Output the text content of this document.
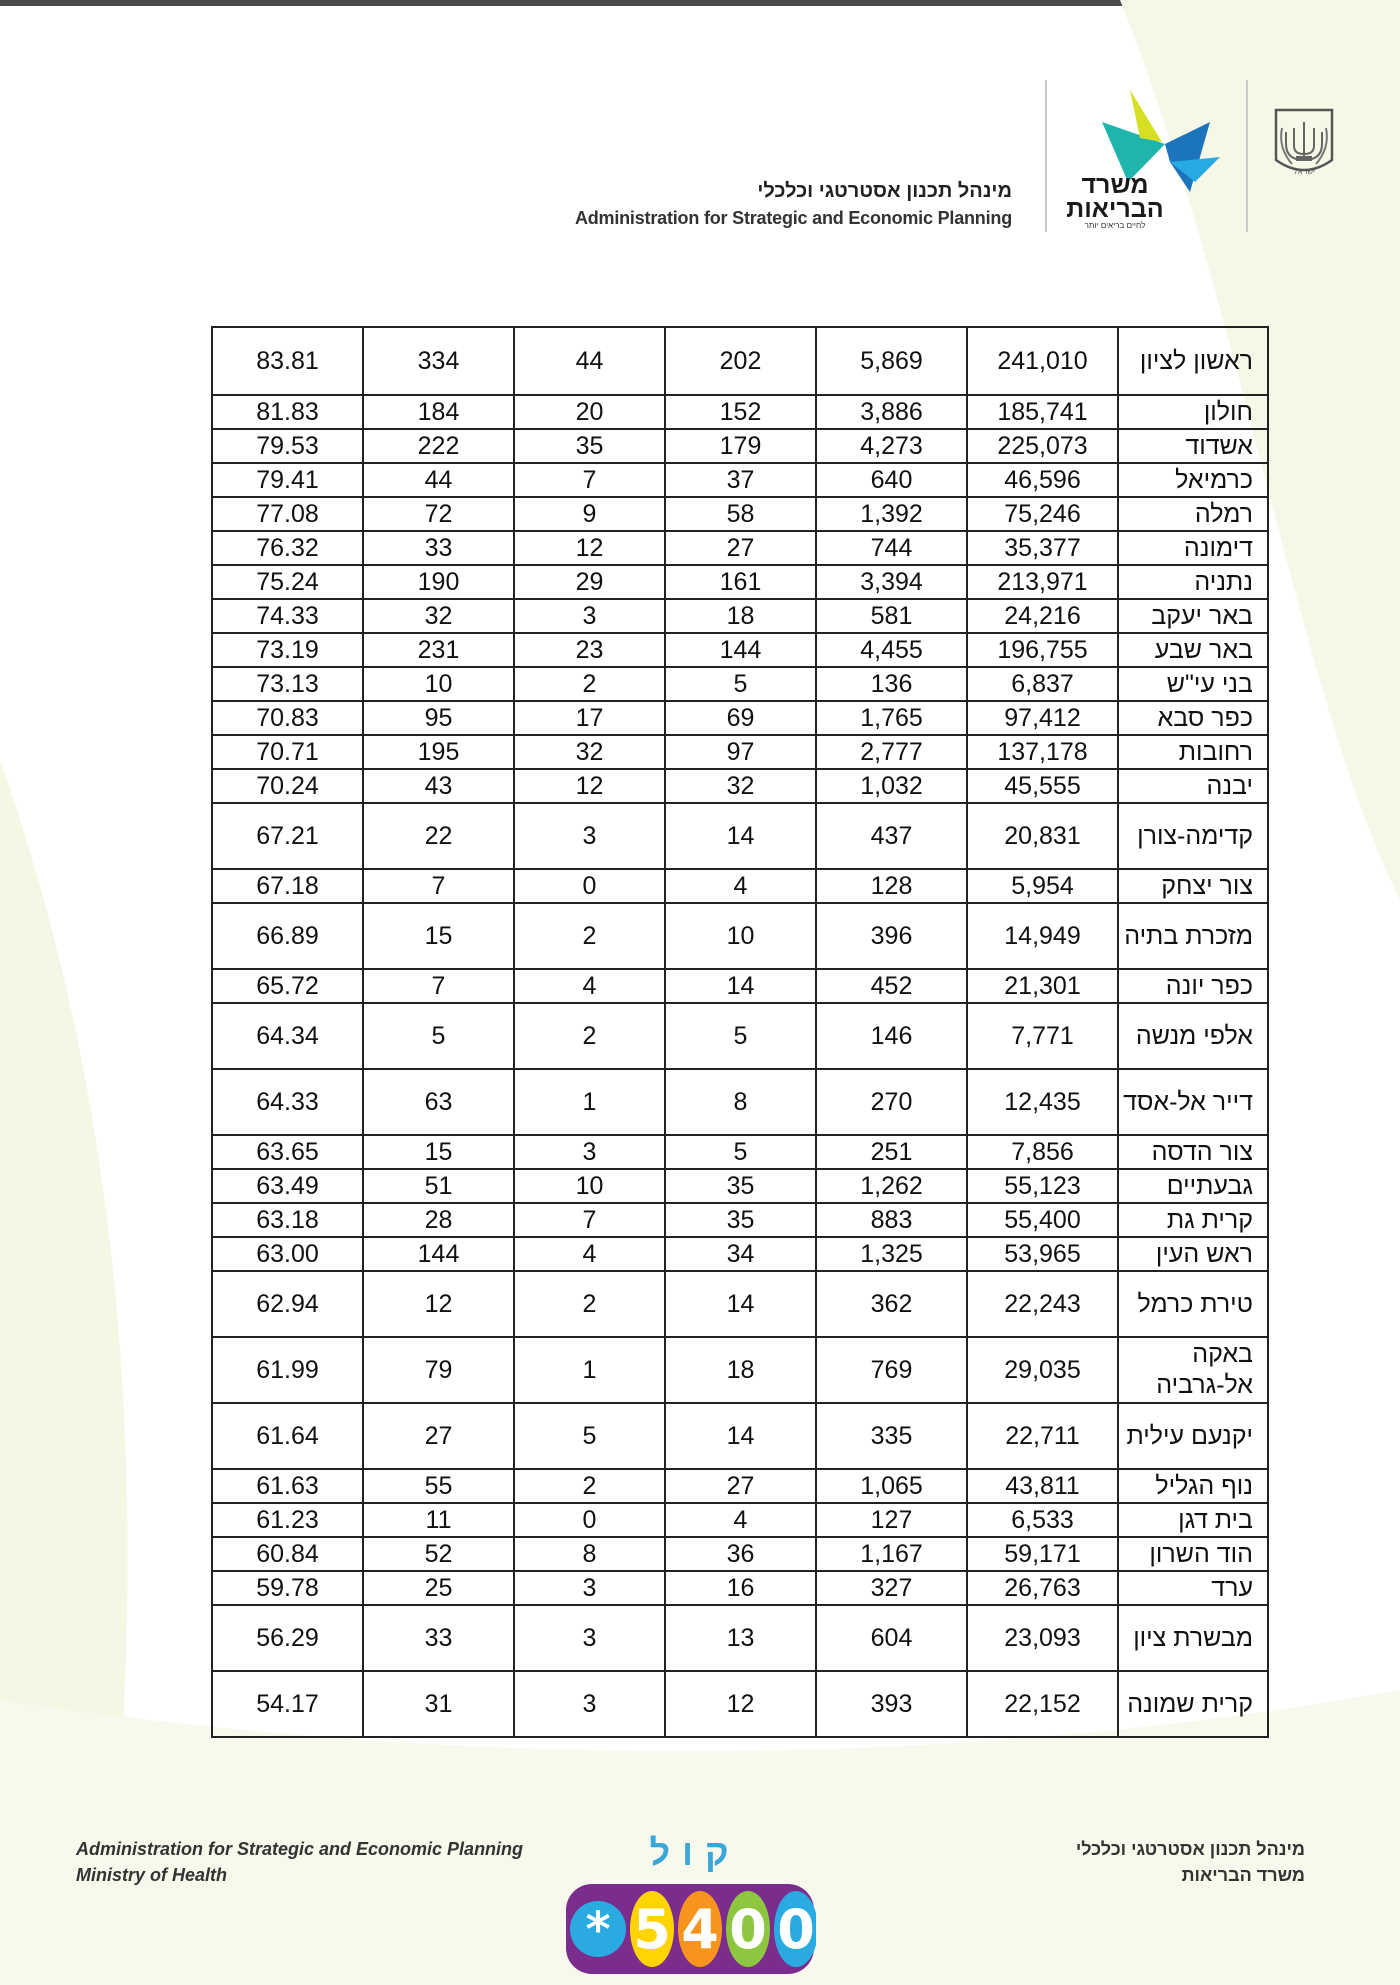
מינהל תכנון אסטרטגי וכלכלי
Administration for Strategic and Economic Planning
משרד
הבריאות
לחיים בריאים יותר
ישראל
ראשון לציון	241,010	5,869	202	44	334	83.81
חולון	185,741	3,886	152	20	184	81.83
אשדוד	225,073	4,273	179	35	222	79.53
כרמיאל	46,596	640	37	7	44	79.41
רמלה	75,246	1,392	58	9	72	77.08
דימונה	35,377	744	27	12	33	76.32
נתניה	213,971	3,394	161	29	190	75.24
באר יעקב	24,216	581	18	3	32	74.33
באר שבע	196,755	4,455	144	23	231	73.19
בני עי"ש	6,837	136	5	2	10	73.13
כפר סבא	97,412	1,765	69	17	95	70.83
רחובות	137,178	2,777	97	32	195	70.71
יבנה	45,555	1,032	32	12	43	70.24
קדימה-צורן	20,831	437	14	3	22	67.21
צור יצחק	5,954	128	4	0	7	67.18
מזכרת בתיה	14,949	396	10	2	15	66.89
כפר יונה	21,301	452	14	4	7	65.72
אלפי מנשה	7,771	146	5	2	5	64.34
דייר אל-אסד	12,435	270	8	1	63	64.33
צור הדסה	7,856	251	5	3	15	63.65
גבעתיים	55,123	1,262	35	10	51	63.49
קרית גת	55,400	883	35	7	28	63.18
ראש העין	53,965	1,325	34	4	144	63.00
טירת כרמל	22,243	362	14	2	12	62.94
באקה אל-גרביה	29,035	769	18	1	79	61.99
יקנעם עילית	22,711	335	14	5	27	61.64
נוף הגליל	43,811	1,065	27	2	55	61.63
בית דגן	6,533	127	4	0	11	61.23
הוד השרון	59,171	1,167	36	8	52	60.84
ערד	26,763	327	16	3	25	59.78
מבשרת ציון	23,093	604	13	3	33	56.29
קרית שמונה	22,152	393	12	3	31	54.17
Administration for Strategic and Economic Planning
Ministry of Health
מינהל תכנון אסטרטגי וכלכלי
משרד הבריאות
קול
* 5 4 0 0
